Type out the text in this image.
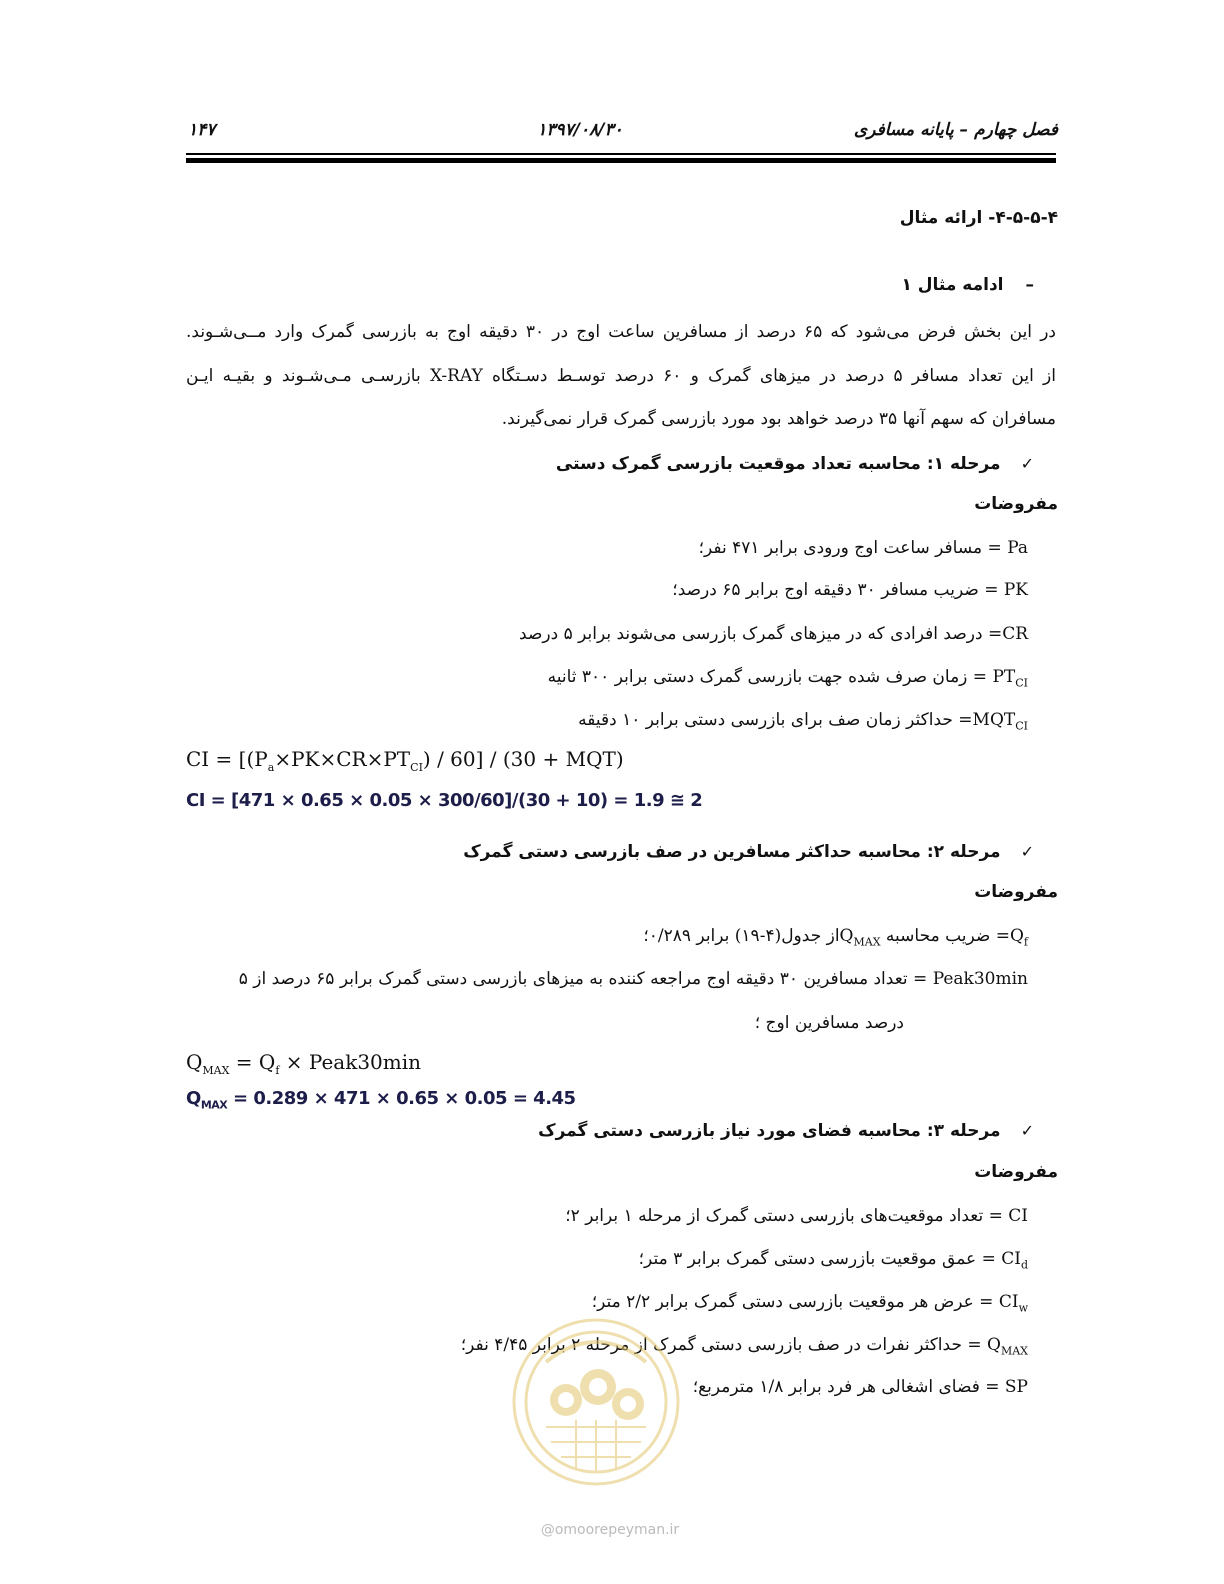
فصل چهارم – پایانه مسافری
۱۳۹۷/۰۸/۳۰
۱۴۷
۴-۵-۵-۴- ارائه مثال
–ادامه مثال ۱
در این بخش فرض می‌شود که ۶۵ درصد از مسافرین ساعت اوج در ۳۰ دقیقه اوج به بازرسی گمرک وارد مــی‌شـوند.
از این تعداد مسافر ۵ درصد در میزهای گمرک و ۶۰ درصد توسـط دسـتگاه X-RAY بازرسـی مـی‌شـوند و بقیـه ایـن
مسافران که سهم آنها ۳۵ درصد خواهد بود مورد بازرسی گمرک قرار نمی‌گیرند.
✓مرحله ۱: محاسبه تعداد موقعیت بازرسی گمرک دستی
مفروضات
Pa = مسافر ساعت اوج ورودی برابر ۴۷۱ نفر؛
PK = ضریب مسافر ۳۰ دقیقه اوج برابر ۶۵ درصد؛
CR= درصد افرادی که در میزهای گمرک بازرسی می‌شوند برابر ۵ درصد
$PT_{CI}$ = زمان صرف شده جهت بازرسی گمرک دستی برابر ۳۰۰ ثانیه
$MQT_{CI}=$ حداکثر زمان صف برای بازرسی دستی برابر ۱۰ دقیقه
CI = $[(P_a\times PK\times CR\times PT_{CI}) / 60] / (30 + MQT)$
CI = [471 × 0.65 × 0.05 × 300/60]/(30 + 10) = 1.9 ≅ 2
✓مرحله ۲: محاسبه حداکثر مسافرین در صف بازرسی دستی گمرک
مفروضات
$Q_f=$ ضریب محاسبه $Q_{MAX}از$ جدول(۴-۱۹) برابر ۰/۲۸۹؛
Peak30min = تعداد مسافرین ۳۰ دقیقه اوج مراجعه کننده به میزهای بازرسی دستی گمرک برابر ۶۵ درصد از ۵
درصد مسافرین اوج ؛
$Q_{MAX} = Q_f$ × Peak30min
$Q_{MAX} = 0.289 \times 471 \times 0.65 \times 0.05 = 4.45$
✓مرحله ۳: محاسبه فضای مورد نیاز بازرسی دستی گمرک
مفروضات
CI = تعداد موقعیت‌های بازرسی دستی گمرک از مرحله ۱ برابر ۲؛
$CI_d$ = عمق موقعیت بازرسی دستی گمرک برابر ۳ متر؛
$CI_w$ = عرض هر موقعیت بازرسی دستی گمرک برابر ۲/۲ متر؛
$Q_{MAX}$ = حداکثر نفرات در صف بازرسی دستی گمرک از مرحله ۲ برابر ۴/۴۵ نفر؛
SP = فضای اشغالی هر فرد برابر ۱/۸ مترمربع؛
@omoorepeyman.ir
